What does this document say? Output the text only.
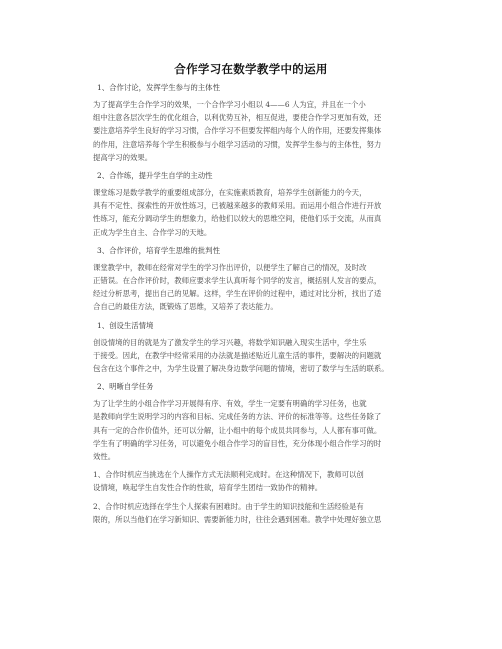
合作学习在数学教学中的运用
1、合作讨论，发挥学生参与的主体性
为了提高学生合作学习的效果，一个合作学习小组以 4——6 人为宜，并且在一个小
组中注意各层次学生的优化组合，以利优势互补，相互促进，要使合作学习更加有效，还
要注意培养学生良好的学习习惯，合作学习不但要发挥组内每个人的作用，还要发挥集体
的作用，注意培养每个学生积极参与小组学习活动的习惯，发挥学生参与的主体性，努力
提高学习的效果。
2、合作练，提升学生自学的主动性
课堂练习是数学教学的重要组成部分，在实施素质教育，培养学生创新能力的今天，
具有不定性、探索性的开放性练习，已被越来越多的教师采用。而运用小组合作进行开放
性练习，能充分调动学生的想象力，给他们以较大的思维空间，使他们乐于交流，从而真
正成为学生自主、合作学习的天地。
3、合作评价，培育学生思维的批判性
课堂教学中，教师在经常对学生的学习作出评价，以便学生了解自己的情况，及时改
正错误。在合作评价时，教师应要求学生认真听每个同学的发言，概括别人发言的要点，
经过分析思考，提出自己的见解。这样，学生在评价的过程中，通过对比分析，找出了适
合自己的最佳方法，既锻炼了思维，又培养了表达能力。
1、创设生活情境
创设情境的目的就是为了激发学生的学习兴趣，将数学知识融入现实生活中，学生乐
于接受。因此，在教学中经常采用的办法就是描述贴近儿童生活的事件，要解决的问题就
包含在这个事件之中，为学生设置了解决身边数学问题的情境，密切了数学与生活的联系。
2、明晰自学任务
为了让学生的小组合作学习开展得有序、有效，学生一定要有明确的学习任务，也就
是教师向学生说明学习的内容和目标、完成任务的方法、评价的标准等等。这些任务除了
具有一定的合作价值外，还可以分解，让小组中的每个成员共同参与，人人都有事可做。
学生有了明确的学习任务，可以避免小组合作学习的盲目性，充分体现小组合作学习的时
效性。
1、合作时机应当挑选在个人操作方式无法顺利完成时。在这种情况下，教师可以创
设情境，唤起学生自发性合作的性欲，培育学生团结一致协作的精神。
2、合作时机应选择在学生个人探索有困难时。由于学生的知识技能和生活经验是有
限的，所以当他们在学习新知识、需要新能力时，往往会遇到困难。教学中处理好独立思
